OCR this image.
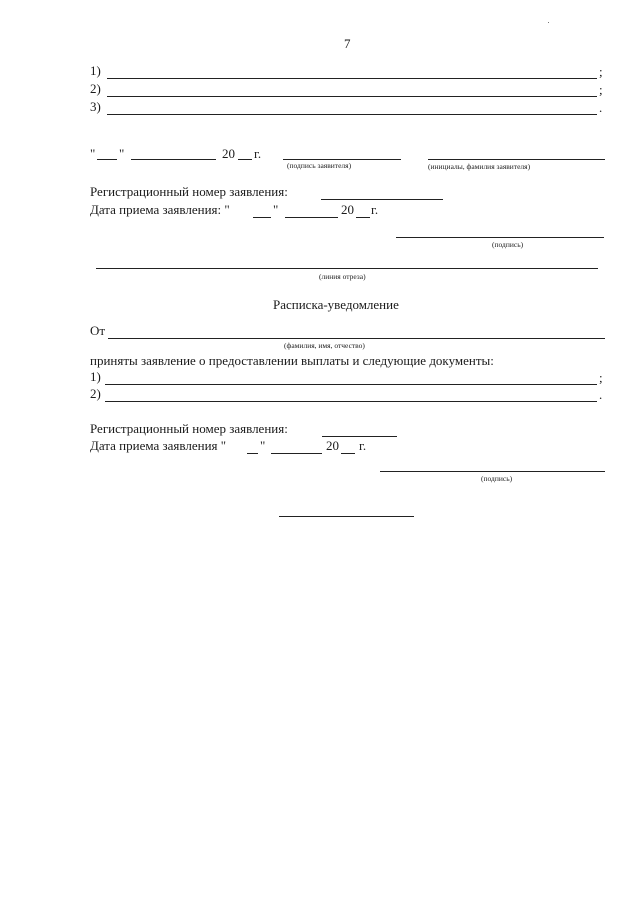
7
1)	;
2)	;
3)	.
" "	20 г.
(подпись заявителя)	(инициалы, фамилия заявителя)
Регистрационный номер заявления:
Дата приема заявления: "	"	20 г.
(подпись)
(линия отреза)
Расписка-уведомление
От
(фамилия, имя, отчество)
приняты заявление о предоставлении выплаты и следующие документы:
1)	;
2)	.
Регистрационный номер заявления:
Дата приема заявления "	"	20 г.
(подпись)
